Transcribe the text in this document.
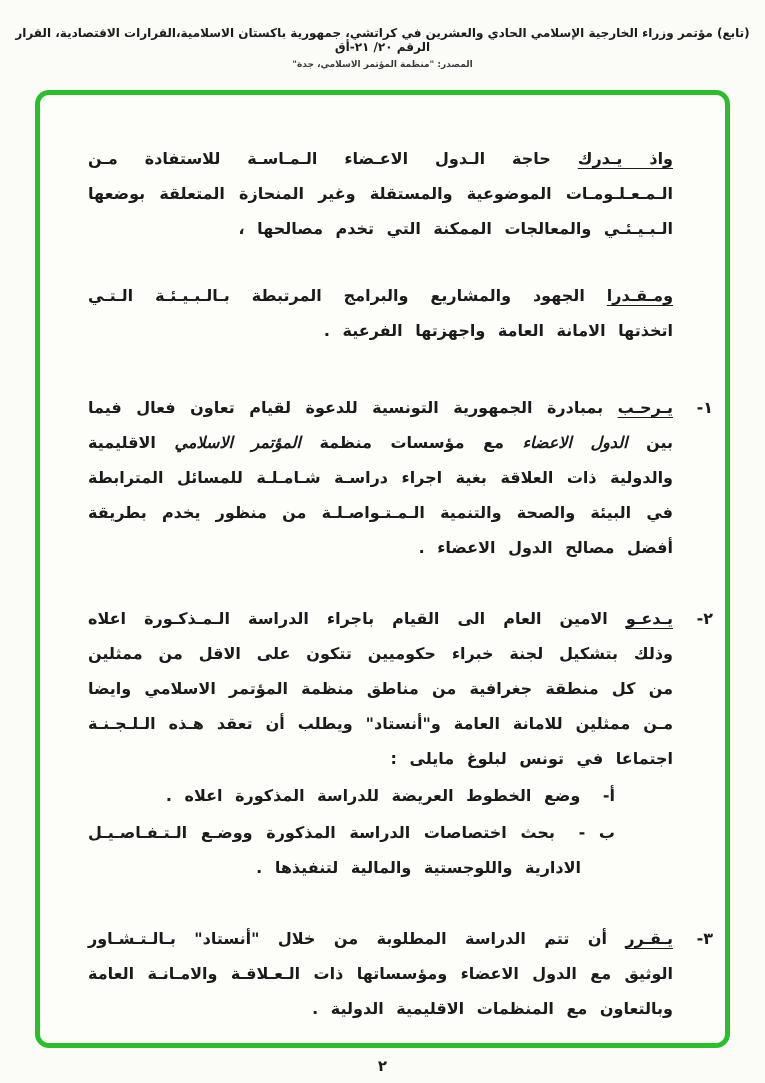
(تابع) مؤتمر وزراء الخارجية الإسلامي الحادي والعشرين في كراتشي، جمهورية باكستان الاسلامية،القرارات الاقتصادية، القرار الرقم ٢٠/ ٢١-أق
المصدر: "منظمة المؤتمر الاسلامي، جدة"

واذ يـدرك حاجة الـدول الاعـضاء الـمـاسـة للاستفادة مـن الـمـعـلـومـات الموضوعية والمستقلة وغير المنحازة المتعلقة بوضعها الـبـيـئـي والمعالجات الممكنة التي تخدم مصالحها ،

ومـقـدرا الجهود والمشاريع والبرامج المرتبطة بـالـبـيـئـة الـتـي اتخذتها الامانة العامة واجهزتها الفرعية .

١-
يـرحـب بمبادرة الجمهورية التونسية للدعوة لقيام تعاون فعال فيما بين الدول الاعضاء مع مؤسسات منظمة المؤتمر الاسلامي الاقليمية والدولية ذات العلاقة بغية اجراء دراسـة شـامـلـة للمسائل المترابطة في البيئة والصحة والتنمية الـمـتـواصـلـة من منظور يخدم بطريقة أفضل مصالح الدول الاعضاء .
٢-
يـدعـو الامين العام الى القيام باجراء الدراسة الـمـذكـورة اعلاه وذلك بتشكيل لجنة خبراء حكوميين تتكون على الاقل من ممثلين من كل منطقة جغرافية من مناطق منظمة المؤتمر الاسلامي وايضا مـن ممثلين للامانة العامة و"أنستاد" ويطلب أن تعقد هـذه الـلـجـنـة اجتماعا في تونس لبلوغ مايلى :
أ- وضع الخطوط العريضة للدراسة المذكورة اعلاه .
ب - بحث اختصاصات الدراسة المذكورة ووضـع الـتـفـاصـيـل الادارية واللوجستية والمالية لتنفيذها .
٣-
يـقـرر أن تتم الدراسة المطلوبة من خلال "أنستاد" بـالـتـشـاور الوثيق مع الدول الاعضاء ومؤسساتها ذات الـعـلاقـة والامـانـة العامة وبالتعاون مع المنظمات الاقليمية الدولية .
٢
